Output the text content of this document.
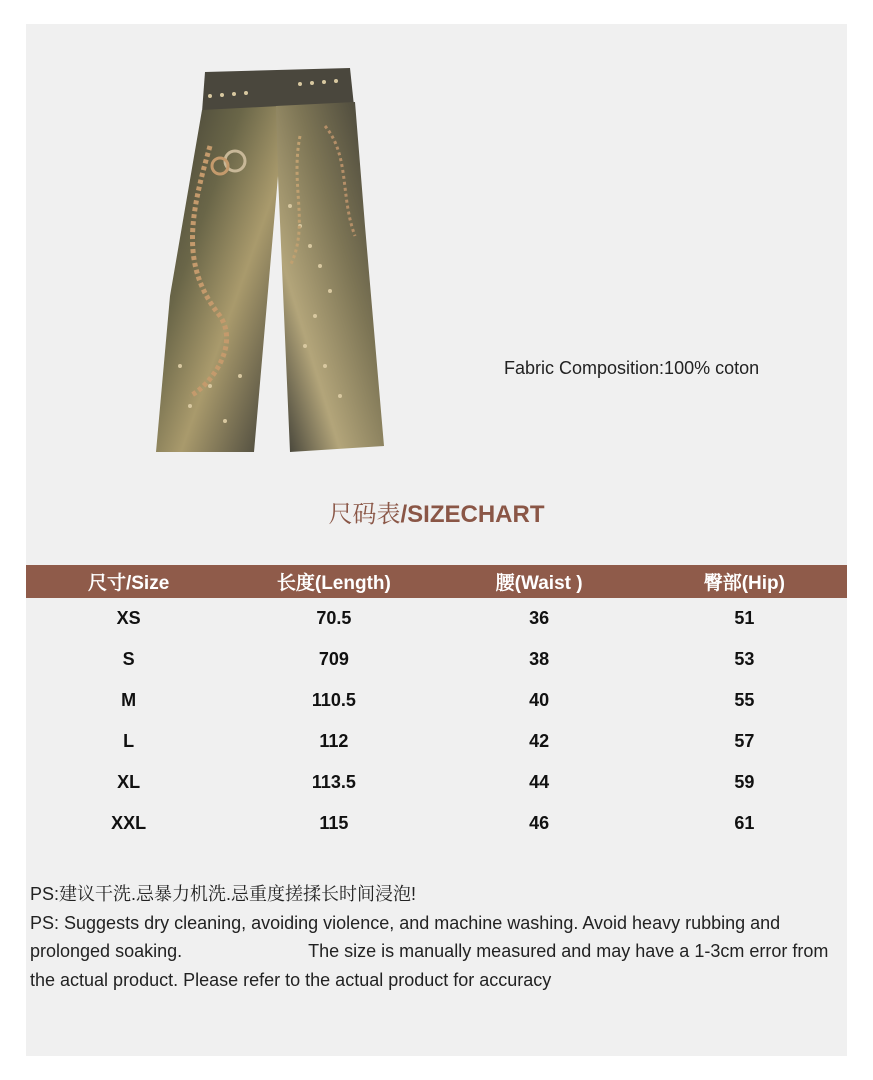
Fabric Composition:100% coton
尺码表/SIZECHART
尺寸/Size	长度(Length)	腰(Waist )	臀部(Hip)
XS	70.5	36	51
S	709	38	53
M	110.5	40	55
L	112	42	57
XL	113.5	44	59
XXL	115	46	61

PS:建议干洗.忌暴力机洗.忌重度搓揉长时间浸泡!

PS: Suggests dry cleaning, avoiding violence, and machine washing. Avoid heavy rubbing and prolonged soaking.	The size is manually measured and may have a 1-3cm error from the actual product. Please refer to the actual product for accuracy
